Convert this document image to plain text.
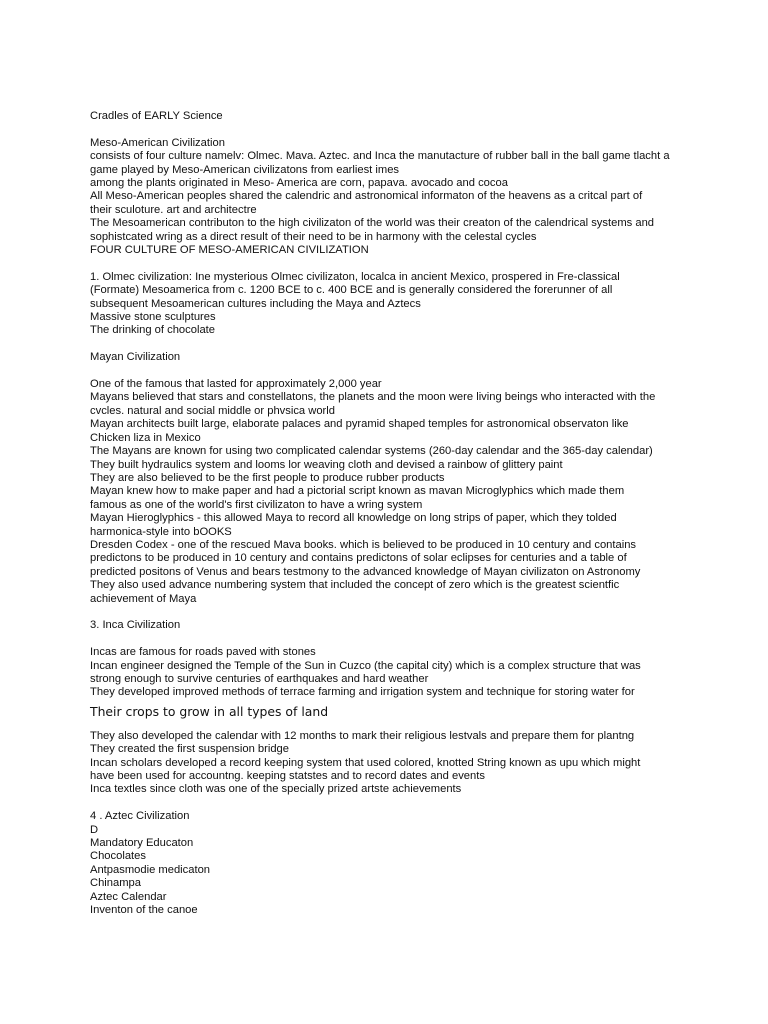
Cradles of EARLY Science
Meso-American Civilization
consists of four culture namelv: Olmec. Mava. Aztec. and Inca the manutacture of rubber ball in the ball game tlacht a
game played by Meso-American civilizatons from earliest imes
among the plants originated in Meso- America are corn, papava. avocado and cocoa
All Meso-American peoples shared the calendric and astronomical informaton of the heavens as a critcal part of
their sculoture. art and architectre
The Mesoamerican contributon to the high civilizaton of the world was their creaton of the calendrical systems and
sophistcated wring as a direct result of their need to be in harmony with the celestal cycles
FOUR CULTURE OF MESO-AMERICAN CIVILIZATION
1. Olmec civilization: Ine mysterious Olmec civilizaton, localca in ancient Mexico, prospered in Fre-classical
(Formate) Mesoamerica from c. 1200 BCE to c. 400 BCE and is generally considered the forerunner of all
subsequent Mesoamerican cultures including the Maya and Aztecs
Massive stone sculptures
The drinking of chocolate
Mayan Civilization
One of the famous that lasted for approximately 2,000 year
Mayans believed that stars and constellatons, the planets and the moon were living beings who interacted with the
cvcles. natural and social middle or phvsica world
Mayan architects built large, elaborate palaces and pyramid shaped temples for astronomical observaton like
Chicken liza in Mexico
The Mayans are known for using two complicated calendar systems (260-day calendar and the 365-day calendar)
They built hydraulics system and looms lor weaving cloth and devised a rainbow of glittery paint
They are also believed to be the first people to produce rubber products
Mayan knew how to make paper and had a pictorial script known as mavan Microglyphics which made them
famous as one of the world's first civilizaton to have a wring system
Mayan Hieroglyphics - this allowed Maya to record all knowledge on long strips of paper, which they tolded
harmonica-style into bOOKS
Dresden Codex - one of the rescued Mava books. which is believed to be produced in 10 century and contains
predictons to be produced in 10 century and contains predictons of solar eclipses for centuries and a table of
predicted positons of Venus and bears testmony to the advanced knowledge of Mayan civilizaton on Astronomy
They also used advance numbering system that included the concept of zero which is the greatest scientfic
achievement of Maya
3. Inca Civilization
Incas are famous for roads paved with stones
Incan engineer designed the Temple of the Sun in Cuzco (the capital city) which is a complex structure that was
strong enough to survive centuries of earthquakes and hard weather
They developed improved methods of terrace farming and irrigation system and technique for storing water for
Their crops to grow in all types of land
They also developed the calendar with 12 months to mark their religious lestvals and prepare them for plantng
They created the first suspension bridge
Incan scholars developed a record keeping system that used colored, knotted String known as upu which might
have been used for accountng. keeping statstes and to record dates and events
Inca textles since cloth was one of the specially prized artste achievements
4 . Aztec Civilization
D
Mandatory Educaton
Chocolates
Antpasmodie medicaton
Chinampa
Aztec Calendar
Inventon of the canoe
